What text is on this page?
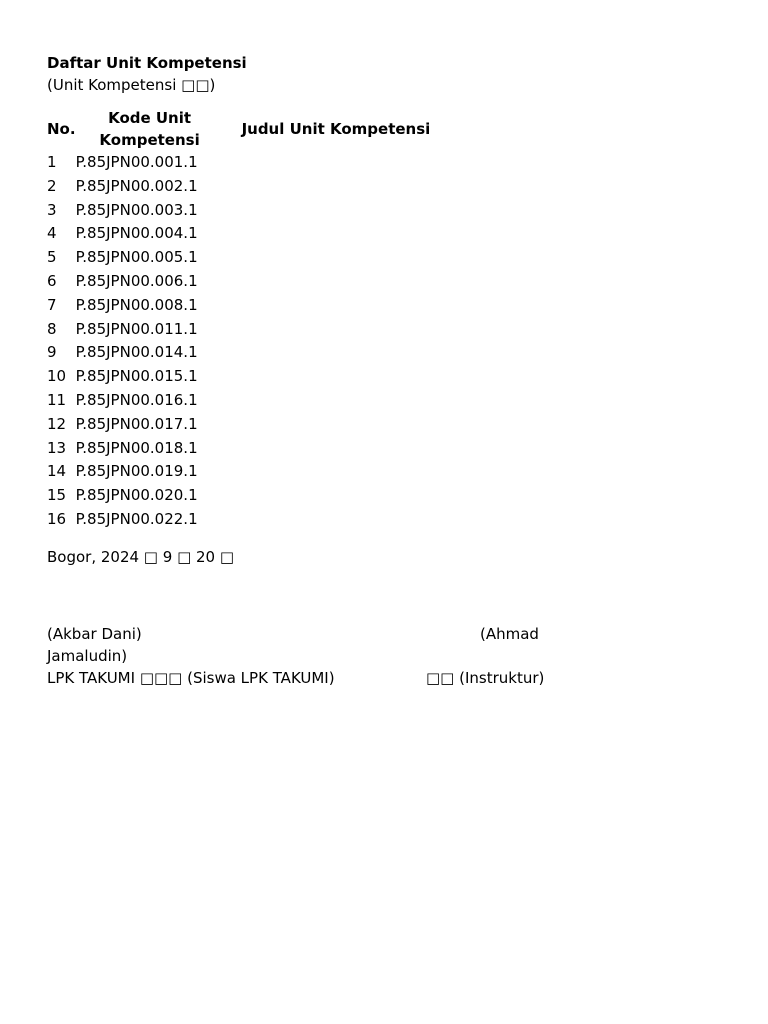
Daftar Unit Kompetensi
(Unit Kompetensi □□)
No.	Kode Unit Kompetensi	Judul Unit Kompetensi
1	P.85JPN00.001.1	
2	P.85JPN00.002.1	
3	P.85JPN00.003.1	
4	P.85JPN00.004.1	
5	P.85JPN00.005.1	
6	P.85JPN00.006.1	
7	P.85JPN00.008.1	
8	P.85JPN00.011.1	
9	P.85JPN00.014.1	
10	P.85JPN00.015.1	
11	P.85JPN00.016.1	
12	P.85JPN00.017.1	
13	P.85JPN00.018.1	
14	P.85JPN00.019.1	
15	P.85JPN00.020.1	
16	P.85JPN00.022.1	
Bogor, 2024 □ 9 □ 20 □
(Akbar Dani)	(Ahmad
Jamaludin)
LPK TAKUMI □□□ (Siswa LPK TAKUMI)	□□ (Instruktur)
